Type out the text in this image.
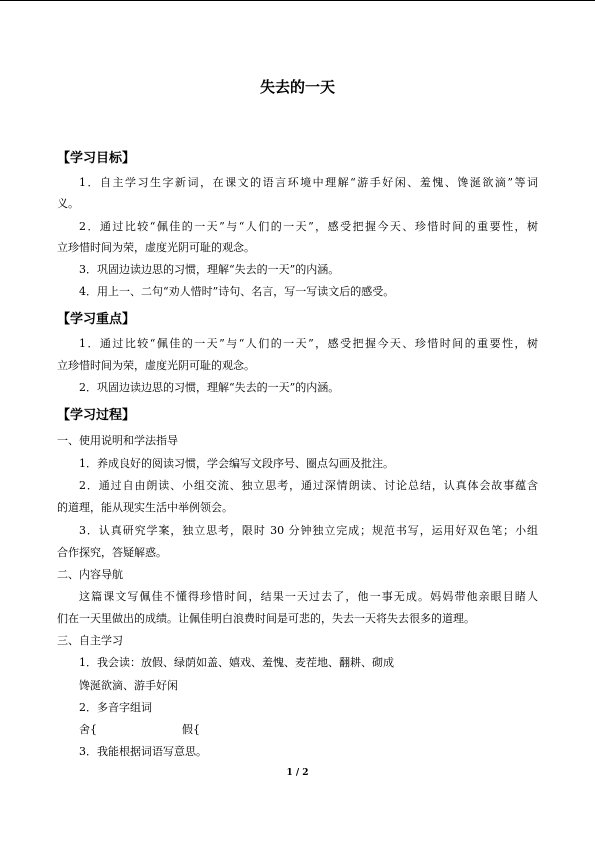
失去的一天
【学习目标】
1．自主学习生字新词，在课文的语言环境中理解“游手好闲、羞愧、馋涎欲滴”等词
义。
2．通过比较“佩佳的一天”与“人们的一天”，感受把握今天、珍惜时间的重要性，树
立珍惜时间为荣，虚度光阴可耻的观念。
3．巩固边读边思的习惯，理解“失去的一天”的内涵。
4．用上一、二句“劝人惜时”诗句、名言，写一写读文后的感受。
【学习重点】
1．通过比较“佩佳的一天”与“人们的一天”，感受把握今天、珍惜时间的重要性，树
立珍惜时间为荣，虚度光阴可耻的观念。
2．巩固边读边思的习惯，理解“失去的一天”的内涵。
【学习过程】
一、使用说明和学法指导
1．养成良好的阅读习惯，学会编写文段序号、圈点勾画及批注。
2．通过自由朗读、小组交流、独立思考，通过深情朗读、讨论总结，认真体会故事蕴含
的道理，能从现实生活中举例领会。
3．认真研究学案，独立思考，限时 30 分钟独立完成；规范书写，运用好双色笔；小组
合作探究，答疑解惑。
二、内容导航
这篇课文写佩佳不懂得珍惜时间，结果一天过去了，他一事无成。妈妈带他亲眼目睹人
们在一天里做出的成绩。让佩佳明白浪费时间是可悲的，失去一天将失去很多的道理。
三、自主学习
1．我会读：放假、绿荫如盖、嬉戏、羞愧、麦茬地、翻耕、砌成
馋涎欲滴、游手好闲
2．多音字组词
舍{	假{
3．我能根据词语写意思。
1 / 2
